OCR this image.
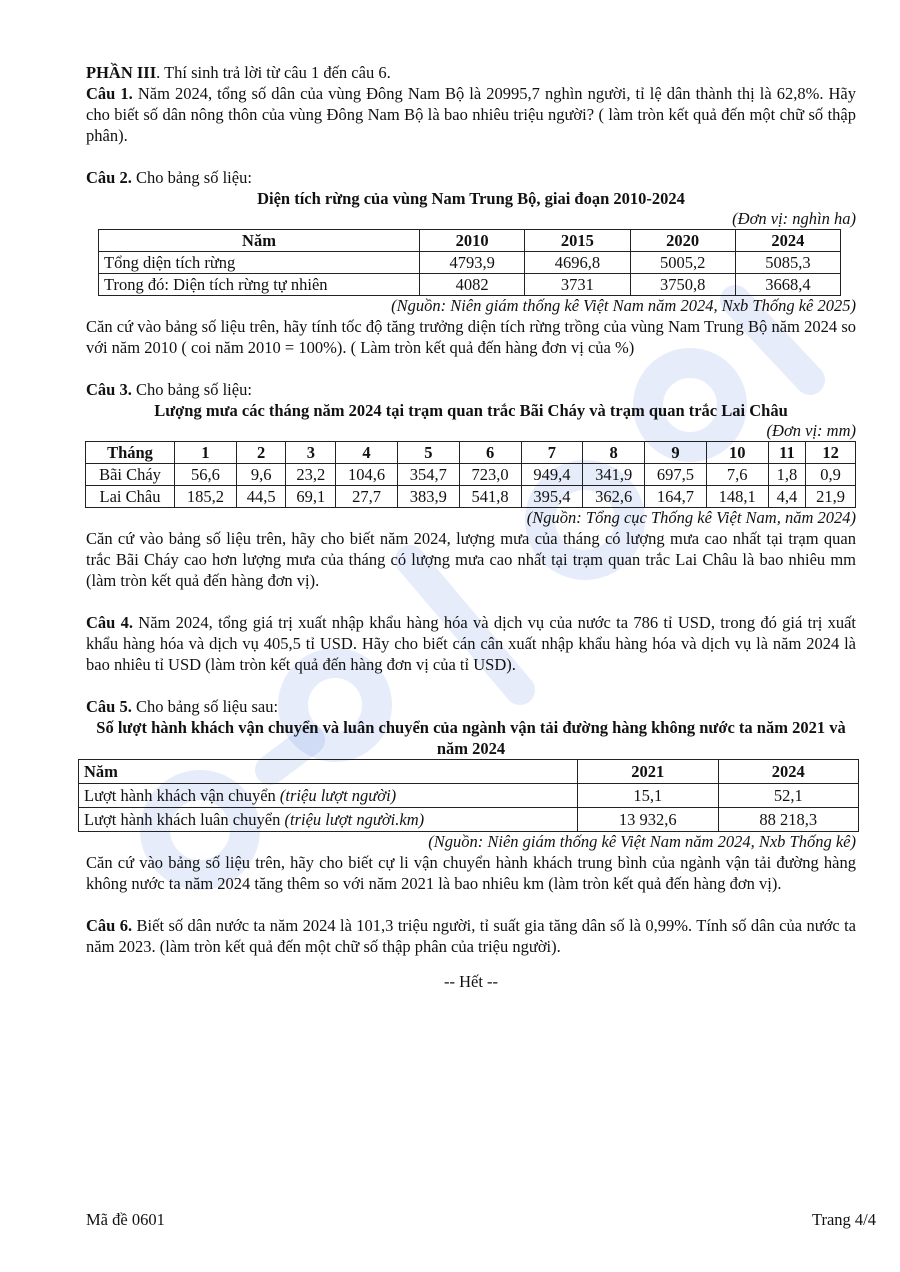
PHẦN III. Thí sinh trả lời từ câu 1 đến câu 6.

Câu 1. Năm 2024, tổng số dân của vùng Đông Nam Bộ là 20995,7 nghìn người, tỉ lệ dân thành thị là 62,8%. Hãy cho biết số dân nông thôn của vùng Đông Nam Bộ là bao nhiêu triệu người? ( làm tròn kết quả đến một chữ số thập phân).

Câu 2. Cho bảng số liệu:

Diện tích rừng của vùng Nam Trung Bộ, giai đoạn 2010-2024

(Đơn vị: nghìn ha)

Năm	2010	2015	2020	2024
Tổng diện tích rừng	4793,9	4696,8	5005,2	5085,3
Trong đó: Diện tích rừng tự nhiên	4082	3731	3750,8	3668,4

(Nguồn: Niên giám thống kê Việt Nam năm 2024, Nxb Thống kê 2025)

Căn cứ vào bảng số liệu trên, hãy tính tốc độ tăng trưởng diện tích rừng trồng của vùng Nam Trung Bộ năm 2024 so với năm 2010 ( coi năm 2010 = 100%). ( Làm tròn kết quả đến hàng đơn vị của %)

Câu 3. Cho bảng số liệu:

Lượng mưa các tháng năm 2024 tại trạm quan trắc Bãi Cháy và trạm quan trắc Lai Châu

(Đơn vị: mm)

Tháng	1	2	3	4	5	6	7	8	9	10	11	12
Bãi Cháy	56,6	9,6	23,2	104,6	354,7	723,0	949,4	341,9	697,5	7,6	1,8	0,9
Lai Châu	185,2	44,5	69,1	27,7	383,9	541,8	395,4	362,6	164,7	148,1	4,4	21,9

(Nguồn: Tổng cục Thống kê Việt Nam, năm 2024)

Căn cứ vào bảng số liệu trên, hãy cho biết năm 2024, lượng mưa của tháng có lượng mưa cao nhất tại trạm quan trắc Bãi Cháy cao hơn lượng mưa của tháng có lượng mưa cao nhất tại trạm quan trắc Lai Châu là bao nhiêu mm (làm tròn kết quả đến hàng đơn vị).

Câu 4. Năm 2024, tổng giá trị xuất nhập khẩu hàng hóa và dịch vụ của nước ta 786 tỉ USD, trong đó giá trị xuất khẩu hàng hóa và dịch vụ 405,5 tỉ USD. Hãy cho biết cán cân xuất nhập khẩu hàng hóa và dịch vụ là năm 2024 là bao nhiêu tỉ USD (làm tròn kết quả đến hàng đơn vị của tỉ USD).

Câu 5. Cho bảng số liệu sau:

Số lượt hành khách vận chuyển và luân chuyển của ngành vận tải đường hàng không nước ta năm 2021 và năm 2024

Năm	2021	2024
Lượt hành khách vận chuyển (triệu lượt người)	15,1	52,1
Lượt hành khách luân chuyển (triệu lượt người.km)	13 932,6	88 218,3

(Nguồn: Niên giám thống kê Việt Nam năm 2024, Nxb Thống kê)

Căn cứ vào bảng số liệu trên, hãy cho biết cự li vận chuyển hành khách trung bình của ngành vận tải đường hàng không nước ta năm 2024 tăng thêm so với năm 2021 là bao nhiêu km (làm tròn kết quả đến hàng đơn vị).

Câu 6. Biết số dân nước ta năm 2024 là 101,3 triệu người, tỉ suất gia tăng dân số là 0,99%. Tính số dân của nước ta năm 2023. (làm tròn kết quả đến một chữ số thập phân của triệu người).

-- Hết --

Mã đề 0601	Trang 4/4
